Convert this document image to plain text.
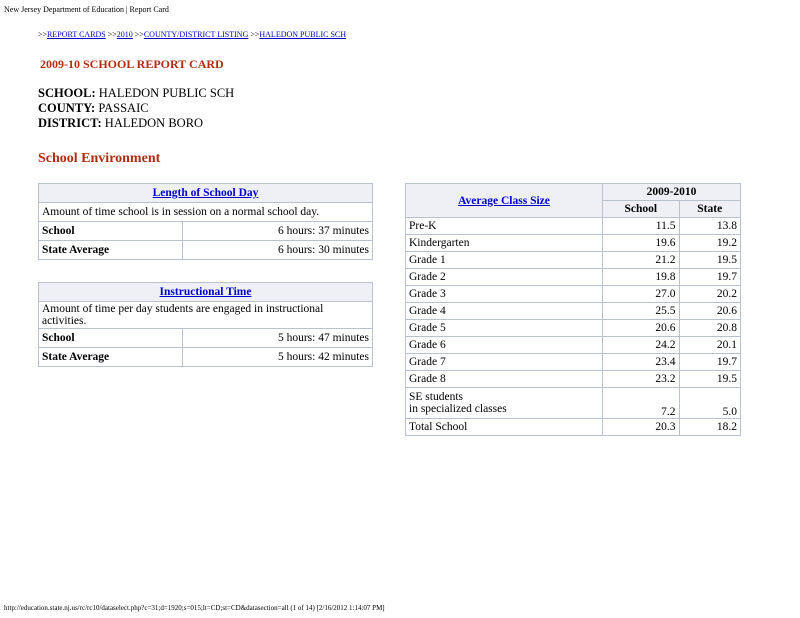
New Jersey Department of Education | Report Card
>>REPORT CARDS >>2010 >>COUNTY/DISTRICT LISTING >>HALEDON PUBLIC SCH
2009-10 SCHOOL REPORT CARD
SCHOOL: HALEDON PUBLIC SCH
COUNTY: PASSAIC
DISTRICT: HALEDON BORO
School Environment
Length of School Day	
Amount of time school is in session on a normal school day.	
School	6 hours: 37 minutes
State Average	6 hours: 30 minutes
Instructional Time	
Amount of time per day students are engaged in instructional activities.	
School	5 hours: 47 minutes
State Average	5 hours: 42 minutes
Average Class Size	2009-2010	
	School	State
Pre-K	11.5	13.8
Kindergarten	19.6	19.2
Grade 1	21.2	19.5
Grade 2	19.8	19.7
Grade 3	27.0	20.2
Grade 4	25.5	20.6
Grade 5	20.6	20.8
Grade 6	24.2	20.1
Grade 7	23.4	19.7
Grade 8	23.2	19.5
SE students
in specialized classes	7.2	5.0
Total School	20.3	18.2
http://education.state.nj.us/rc/rc10/dataselect.php?c=31;d=1920;s=015;lt=CD;st=CD&datasection=all (1 of 14) [2/16/2012 1:14:07 PM]
